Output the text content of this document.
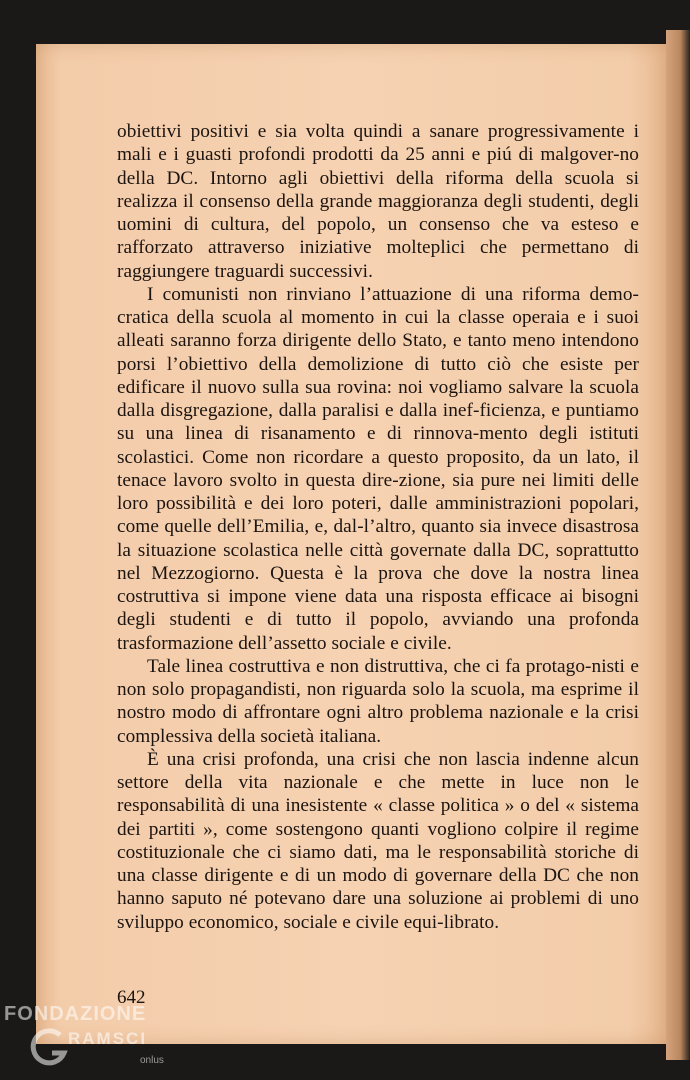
obiettivi positivi e sia volta quindi a sanare progressivamente i mali e i guasti profondi prodotti da 25 anni e piú di malgover-no della DC. Intorno agli obiettivi della riforma della scuola si realizza il consenso della grande maggioranza degli studenti, degli uomini di cultura, del popolo, un consenso che va esteso e rafforzato attraverso iniziative molteplici che permettano di raggiungere traguardi successivi.

I comunisti non rinviano l’attuazione di una riforma demo-cratica della scuola al momento in cui la classe operaia e i suoi alleati saranno forza dirigente dello Stato, e tanto meno intendono porsi l’obiettivo della demolizione di tutto ciò che esiste per edificare il nuovo sulla sua rovina: noi vogliamo salvare la scuola dalla disgregazione, dalla paralisi e dalla inef-ficienza, e puntiamo su una linea di risanamento e di rinnova-mento degli istituti scolastici. Come non ricordare a questo proposito, da un lato, il tenace lavoro svolto in questa dire-zione, sia pure nei limiti delle loro possibilità e dei loro poteri, dalle amministrazioni popolari, come quelle dell’Emilia, e, dal-l’altro, quanto sia invece disastrosa la situazione scolastica nelle città governate dalla DC, soprattutto nel Mezzogiorno. Questa è la prova che dove la nostra linea costruttiva si impone viene data una risposta efficace ai bisogni degli studenti e di tutto il popolo, avviando una profonda trasformazione dell’assetto sociale e civile.

Tale linea costruttiva e non distruttiva, che ci fa protago-nisti e non solo propagandisti, non riguarda solo la scuola, ma esprime il nostro modo di affrontare ogni altro problema nazionale e la crisi complessiva della società italiana.

È una crisi profonda, una crisi che non lascia indenne alcun settore della vita nazionale e che mette in luce non le responsabilità di una inesistente « classe politica » o del « sistema dei partiti », come sostengono quanti vogliono colpire il regime costituzionale che ci siamo dati, ma le responsabilità storiche di una classe dirigente e di un modo di governare della DC che non hanno saputo né potevano dare una soluzione ai problemi di uno sviluppo economico, sociale e civile equi-librato.

642
FONDAZIONE
RAMSCI
onlus
